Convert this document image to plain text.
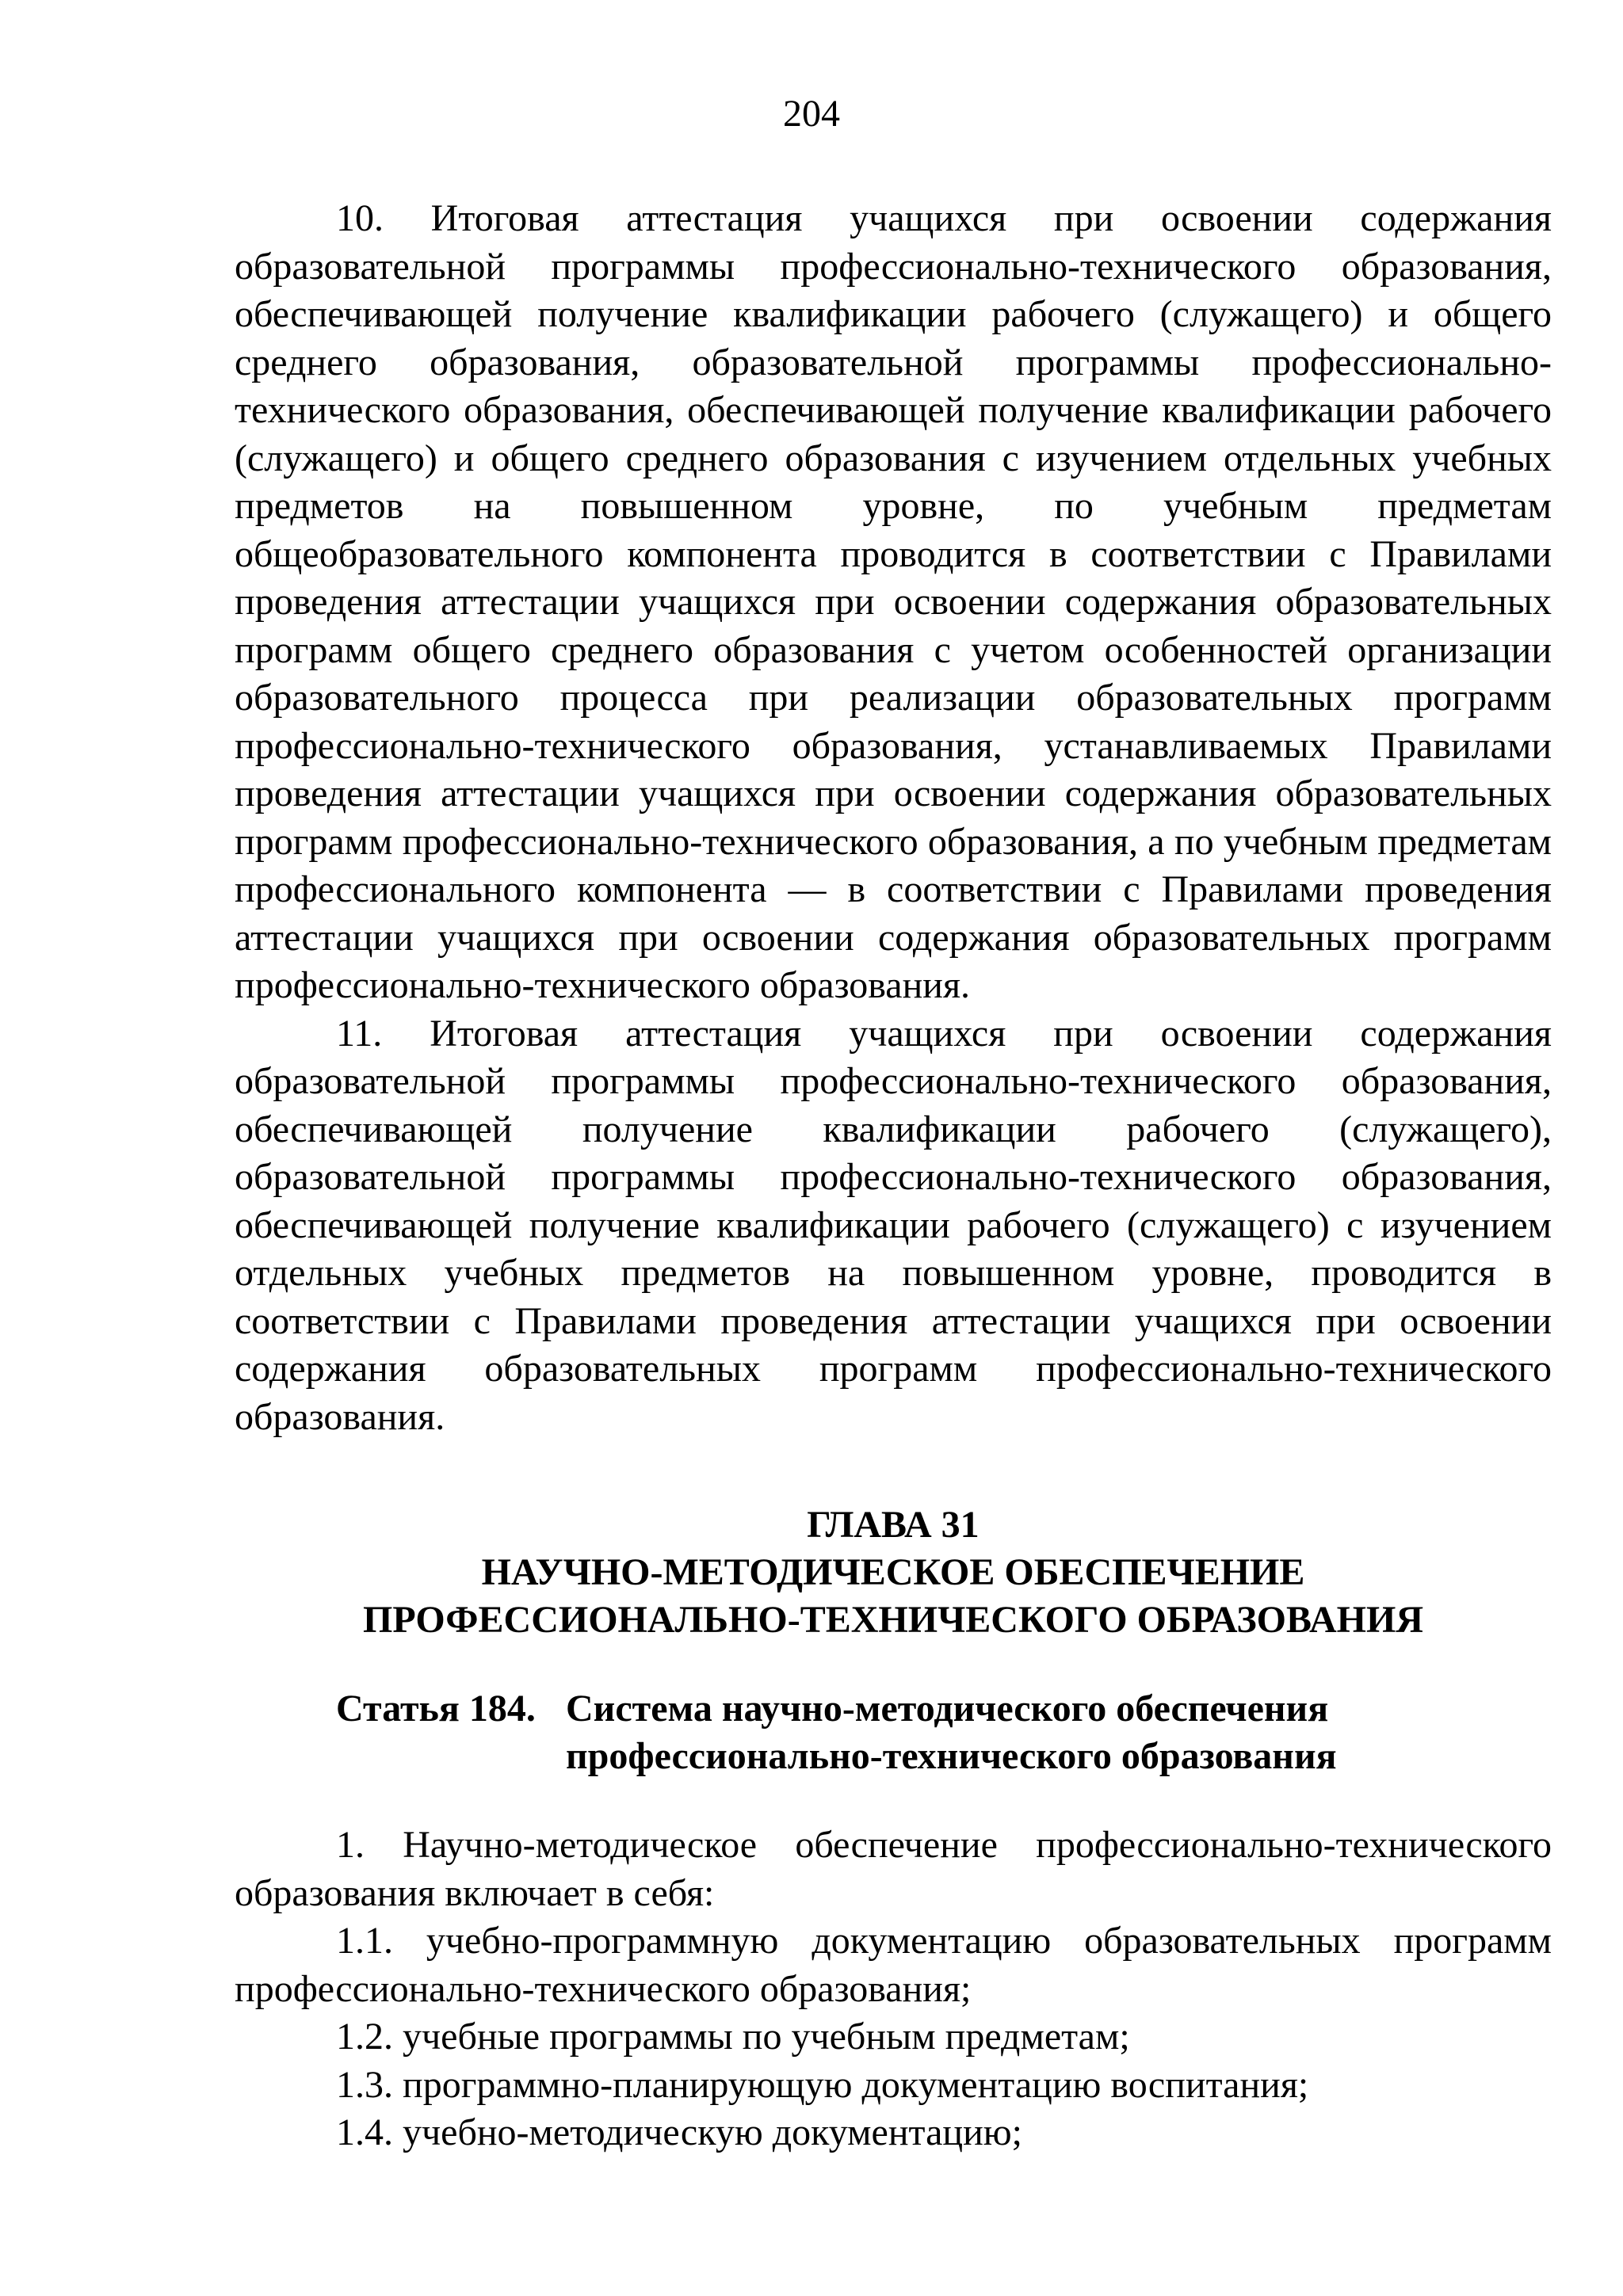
204

10. Итоговая аттестация учащихся при освоении содержания образовательной программы профессионально-технического образования, обеспечивающей получение квалификации рабочего (служащего) и общего среднего образования, образовательной программы профессионально-технического образования, обеспечивающей получение квалификации рабочего (служащего) и общего среднего образования с изучением отдельных учебных предметов на повышенном уровне, по учебным предметам общеобразовательного компонента проводится в соответствии с Правилами проведения аттестации учащихся при освоении содержания образовательных программ общего среднего образования с учетом особенностей организации образовательного процесса при реализации образовательных программ профессионально-технического образования, устанавливаемых Правилами проведения аттестации учащихся при освоении содержания образовательных программ профессионально-технического образования, а по учебным предметам профессионального компонента — в соответствии с Правилами проведения аттестации учащихся при освоении содержания образовательных программ профессионально-технического образования.

11. Итоговая аттестация учащихся при освоении содержания образовательной программы профессионально-технического образования, обеспечивающей получение квалификации рабочего (служащего), образовательной программы профессионально-технического образования, обеспечивающей получение квалификации рабочего (служащего) с изучением отдельных учебных предметов на повышенном уровне, проводится в соответствии с Правилами проведения аттестации учащихся при освоении содержания образовательных программ профессионально-технического образования.

ГЛАВА 31
НАУЧНО-МЕТОДИЧЕСКОЕ ОБЕСПЕЧЕНИЕ
ПРОФЕССИОНАЛЬНО-ТЕХНИЧЕСКОГО ОБРАЗОВАНИЯ
Статья 184. Система научно-методического обеспечения
профессионально-технического образования

1. Научно-методическое обеспечение профессионально-технического образования включает в себя:

1.1. учебно-программную документацию образовательных программ профессионально-технического образования;

1.2. учебные программы по учебным предметам;

1.3. программно-планирующую документацию воспитания;

1.4. учебно-методическую документацию;
